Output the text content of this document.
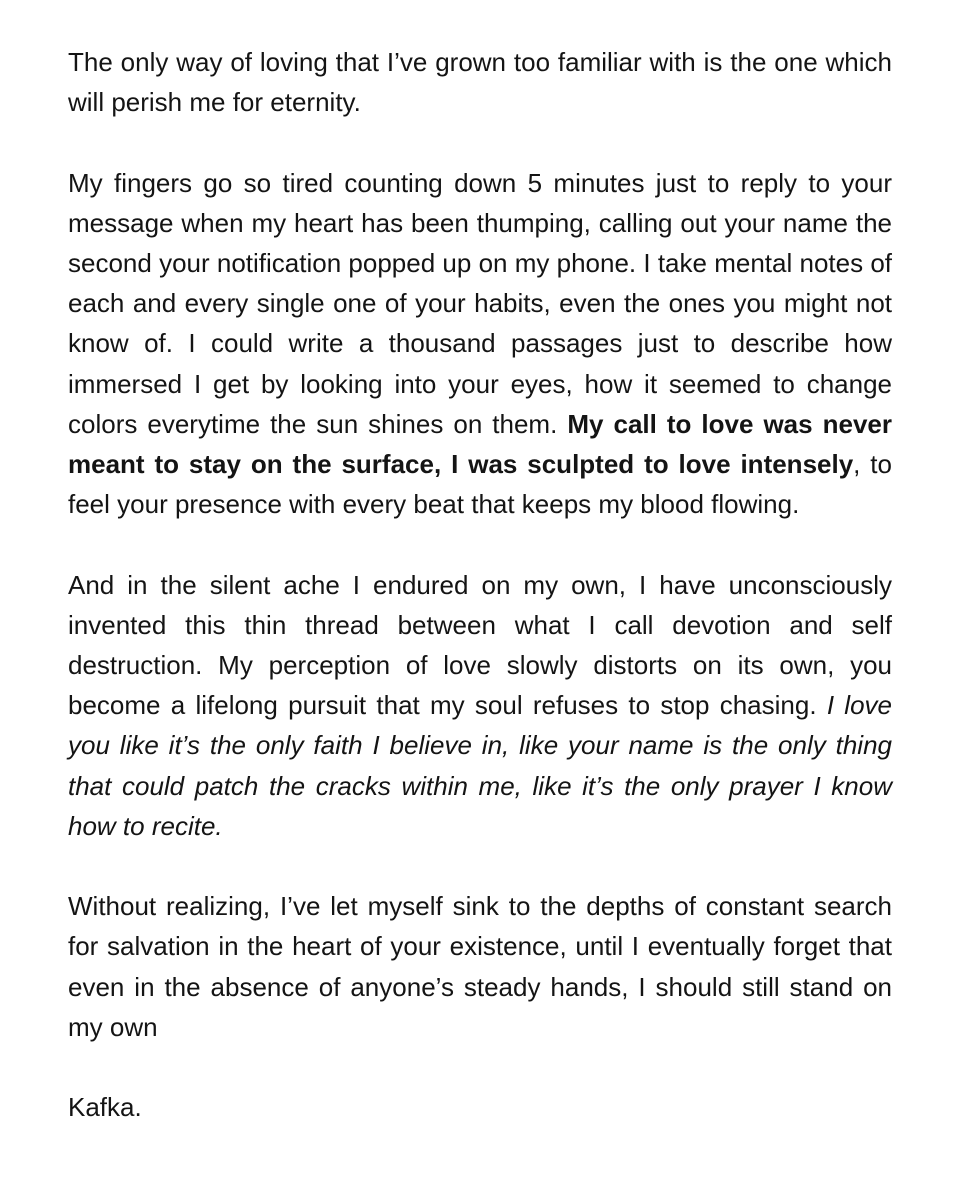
The only way of loving that I’ve grown too familiar with is the one which will perish me for eternity.

My fingers go so tired counting down 5 minutes just to reply to your message when my heart has been thumping, calling out your name the second your notification popped up on my phone. I take mental notes of each and every single one of your habits, even the ones you might not know of. I could write a thousand passages just to describe how immersed I get by looking into your eyes, how it seemed to change colors everytime the sun shines on them. My call to love was never meant to stay on the surface, I was sculpted to love intensely, to feel your presence with every beat that keeps my blood flowing.

And in the silent ache I endured on my own, I have unconsciously invented this thin thread between what I call devotion and self destruction. My perception of love slowly distorts on its own, you become a lifelong pursuit that my soul refuses to stop chasing. I love you like it’s the only faith I believe in, like your name is the only thing that could patch the cracks within me, like it’s the only prayer I know how to recite.

Without realizing, I’ve let myself sink to the depths of constant search for salvation in the heart of your existence, until I eventually forget that even in the absence of anyone’s steady hands, I should still stand on my own

Kafka.
